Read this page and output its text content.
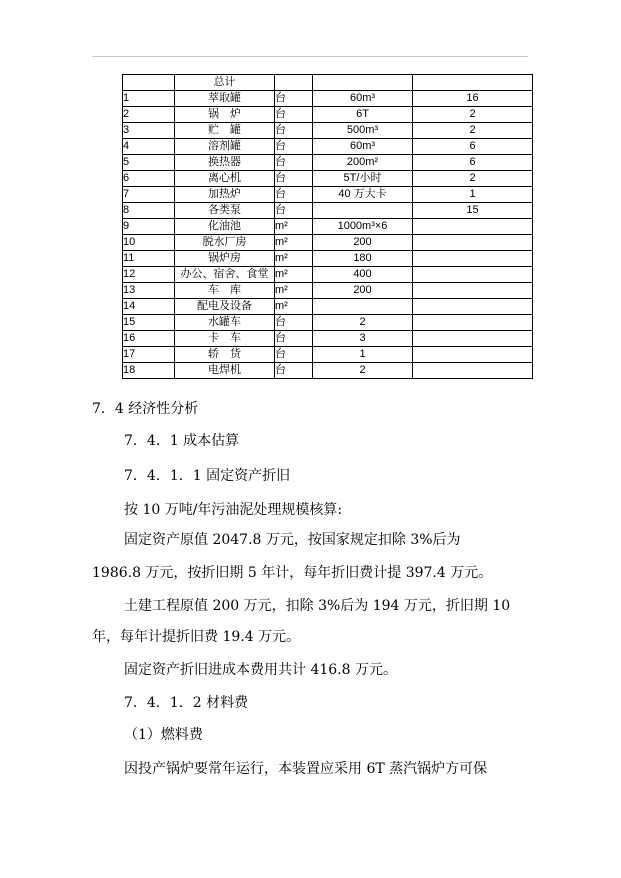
	总计			
1	萃取罐	台	60m³	16
2	锅　炉	台	6T	2
3	贮　罐	台	500m³	2
4	溶剂罐	台	60m³	6
5	换热器	台	200m²	6
6	离心机	台	5T/小时	2
7	加热炉	台	40 万大卡	1
8	各类泵	台		15
9	化油池	m²	1000m³×6	
10	脱水厂房	m²	200	
11	锅炉房	m²	180	
12	办公、宿舍、食堂	m²	400	
13	车　库	m²	200	
14	配电及设备	m²		
15	水罐车	台	2	
16	卡　车	台	3	
17	轿　货	台	1	
18	电焊机	台	2	
7．4 经济性分析
7．4．1 成本估算
7．4．1．1 固定资产折旧
按 10 万吨/年污油泥处理规模核算:
固定资产原值 2047.8 万元，按国家规定扣除 3%后为
1986.8 万元，按折旧期 5 年计，每年折旧费计提 397.4 万元。
土建工程原值 200 万元，扣除 3%后为 194 万元，折旧期 10
年，每年计提折旧费 19.4 万元。
固定资产折旧进成本费用共计 416.8 万元。
7．4．1．2 材料费
（1）燃料费
因投产锅炉要常年运行，本装置应采用 6T 蒸汽锅炉方可保
